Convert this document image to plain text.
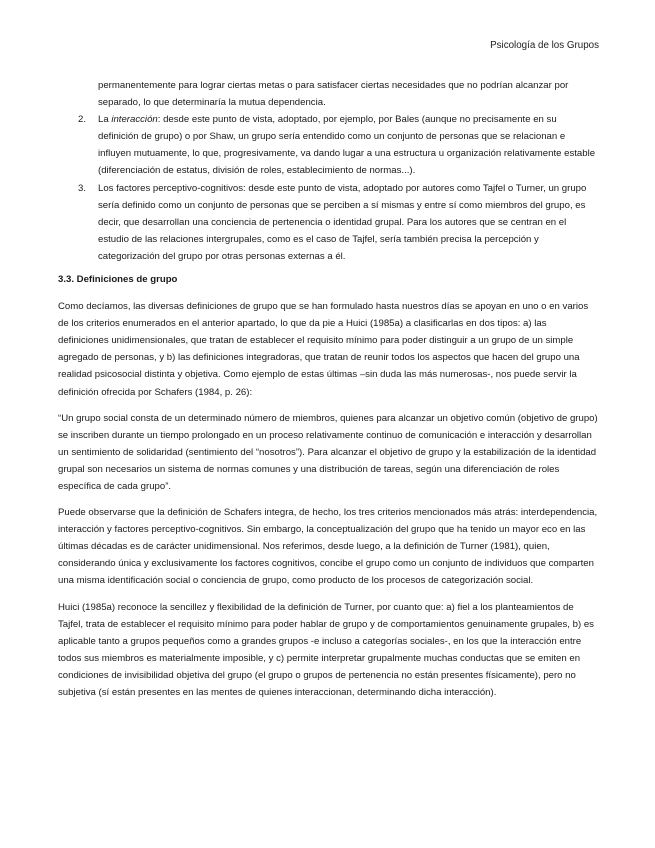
Psicología de los Grupos

permanentemente para lograr ciertas metas o para satisfacer ciertas necesidades que no podrían alcanzar por separado, lo que determinaría la mutua dependencia.

2. La interacción: desde este punto de vista, adoptado, por ejemplo, por Bales (aunque no precisamente en su definición de grupo) o por Shaw, un grupo sería entendido como un conjunto de personas que se relacionan e influyen mutuamente, lo que, progresivamente, va dando lugar a una estructura u organización relativamente estable (diferenciación de estatus, división de roles, establecimiento de normas...).
3. Los factores perceptivo-cognitivos: desde este punto de vista, adoptado por autores como Tajfel o Turner, un grupo sería definido como un conjunto de personas que se perciben a sí mismas y entre sí como miembros del grupo, es decir, que desarrollan una conciencia de pertenencia o identidad grupal. Para los autores que se centran en el estudio de las relaciones intergrupales, como es el caso de Tajfel, sería también precisa la percepción y categorización del grupo por otras personas externas a él.
3.3. Definiciones de grupo

Como decíamos, las diversas definiciones de grupo que se han formulado hasta nuestros días se apoyan en uno o en varios de los criterios enumerados en el anterior apartado, lo que da pie a Huici (1985a) a clasificarlas en dos tipos: a) las definiciones unidimensionales, que tratan de establecer el requisito mínimo para poder distinguir a un grupo de un simple agregado de personas, y b) las definiciones integradoras, que tratan de reunir todos los aspectos que hacen del grupo una realidad psicosocial distinta y objetiva. Como ejemplo de estas últimas –sin duda las más numerosas-, nos puede servir la definición ofrecida por Schafers (1984, p. 26):

“Un grupo social consta de un determinado número de miembros, quienes para alcanzar un objetivo común (objetivo de grupo) se inscriben durante un tiempo prolongado en un proceso relativamente continuo de comunicación e interacción y desarrollan un sentimiento de solidaridad (sentimiento del “nosotros”). Para alcanzar el objetivo de grupo y la estabilización de la identidad grupal son necesarios un sistema de normas comunes y una distribución de tareas, según una diferenciación de roles específica de cada grupo”.

Puede observarse que la definición de Schafers integra, de hecho, los tres criterios mencionados más atrás: interdependencia, interacción y factores perceptivo-cognitivos. Sin embargo, la conceptualización del grupo que ha tenido un mayor eco en las últimas décadas es de carácter unidimensional. Nos referimos, desde luego, a la definición de Turner (1981), quien, considerando única y exclusivamente los factores cognitivos, concibe el grupo como un conjunto de individuos que comparten una misma identificación social o conciencia de grupo, como producto de los procesos de categorización social.

Huici (1985a) reconoce la sencillez y flexibilidad de la definición de Turner, por cuanto que: a) fiel a los planteamientos de Tajfel, trata de establecer el requisito mínimo para poder hablar de grupo y de comportamientos genuinamente grupales, b) es aplicable tanto a grupos pequeños como a grandes grupos -e incluso a categorías sociales-, en los que la interacción entre todos sus miembros es materialmente imposible, y c) permite interpretar grupalmente muchas conductas que se emiten en condiciones de invisibilidad objetiva del grupo (el grupo o grupos de pertenencia no están presentes físicamente), pero no subjetiva (sí están presentes en las mentes de quienes interaccionan, determinando dicha interacción).
